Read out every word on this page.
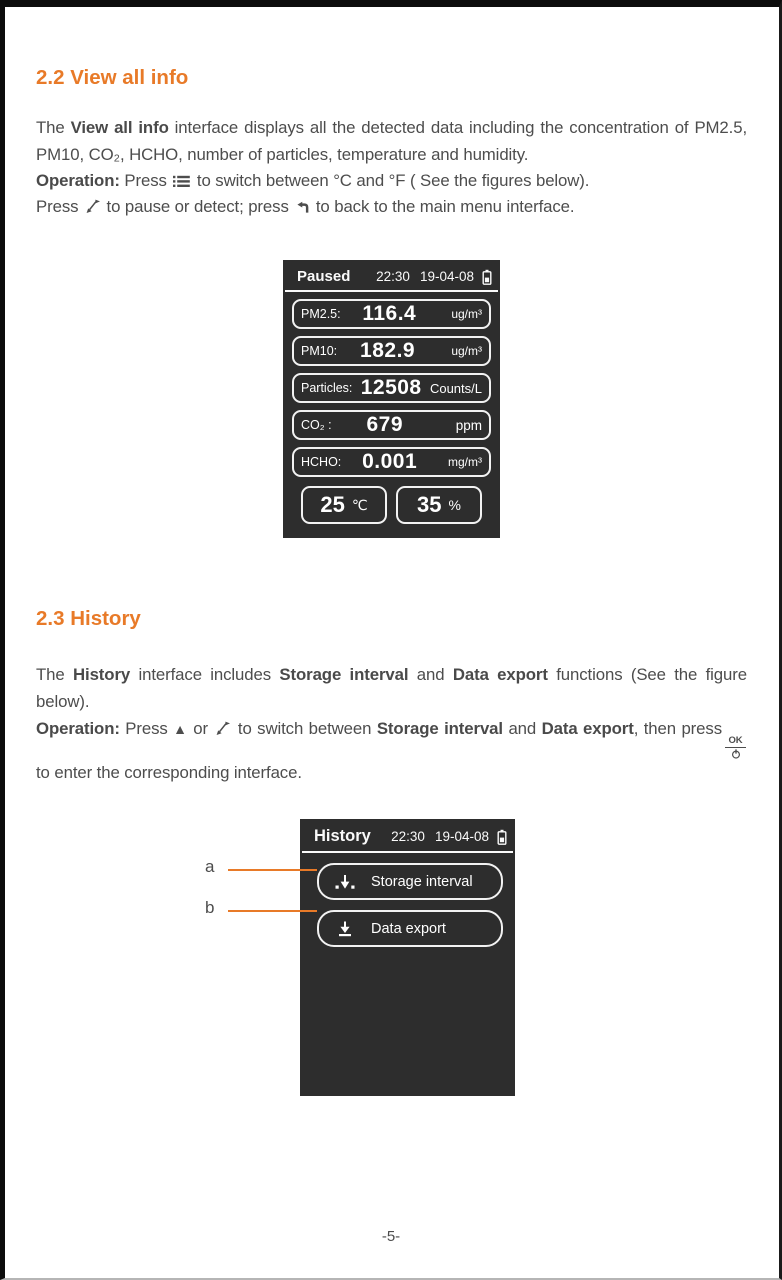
2.2 View all info

The View all info interface displays all the detected data including the concentration of PM2.5, PM10, CO₂, HCHO, number of particles, temperature and humidity.

Operation: Press  to switch between °C and °F ( See the figures below).

Press  to pause or detect; press  to back to the main menu interface.

Paused 22:30 19-04-08
PM2.5:	116.4	ug/m³
PM10:	182.9	ug/m³
Particles: 12508 Counts/L
CO₂ :	679	ppm
HCHO: 0.001	mg/m³
25 ℃ 35 %
2.3 History

The History interface includes Storage interval and Data export functions (See the figure below).

Operation: Press ▲ or  to switch between Storage interval and Data export, then press
OK
to enter the corresponding interface.

History 22:30 19-04-08
Storage interval
Data export
a
b
-5-
